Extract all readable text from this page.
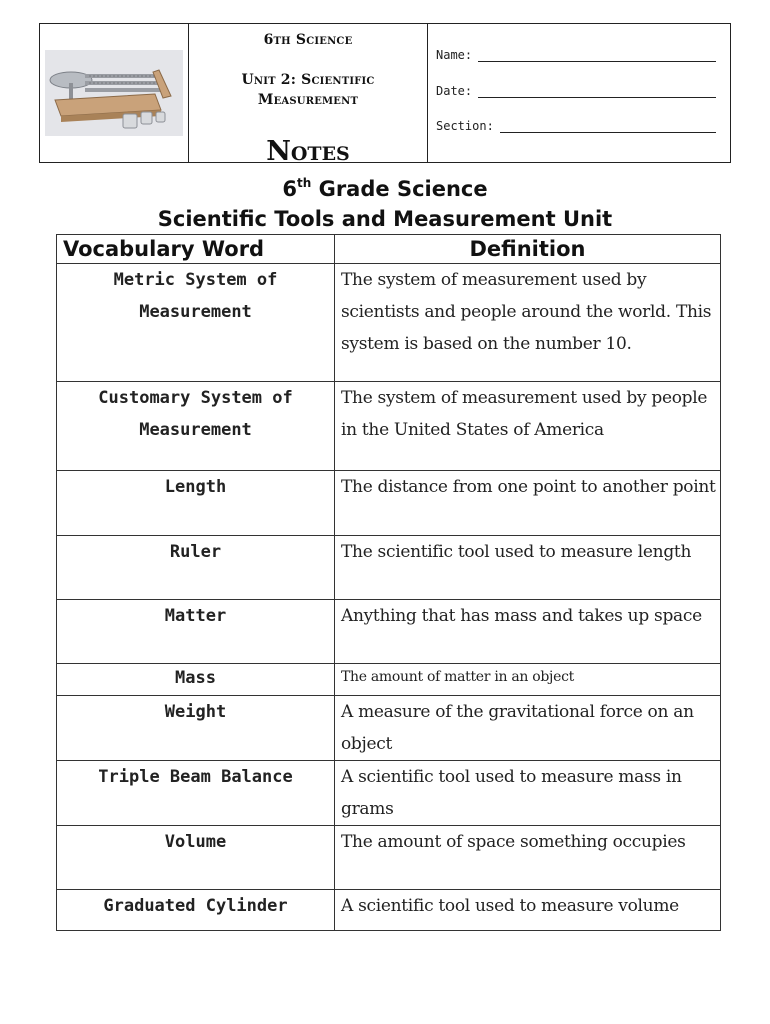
6th Science
Unit 2: Scientific
Measurement
Notes
Name:
Date:
Section:
6th Grade Science
Scientific Tools and Measurement Unit
Vocabulary Word	Definition
Metric System of Measurement	The system of measurement used by scientists and people around the world. This system is based on the number 10.
Customary System of Measurement	The system of measurement used by people in the United States of America
Length	The distance from one point to another point
Ruler	The scientific tool used to measure length
Matter	Anything that has mass and takes up space
Mass	The amount of matter in an object
Weight	A measure of the gravitational force on an object
Triple Beam Balance	A scientific tool used to measure mass in grams
Volume	The amount of space something occupies
Graduated Cylinder	A scientific tool used to measure volume
